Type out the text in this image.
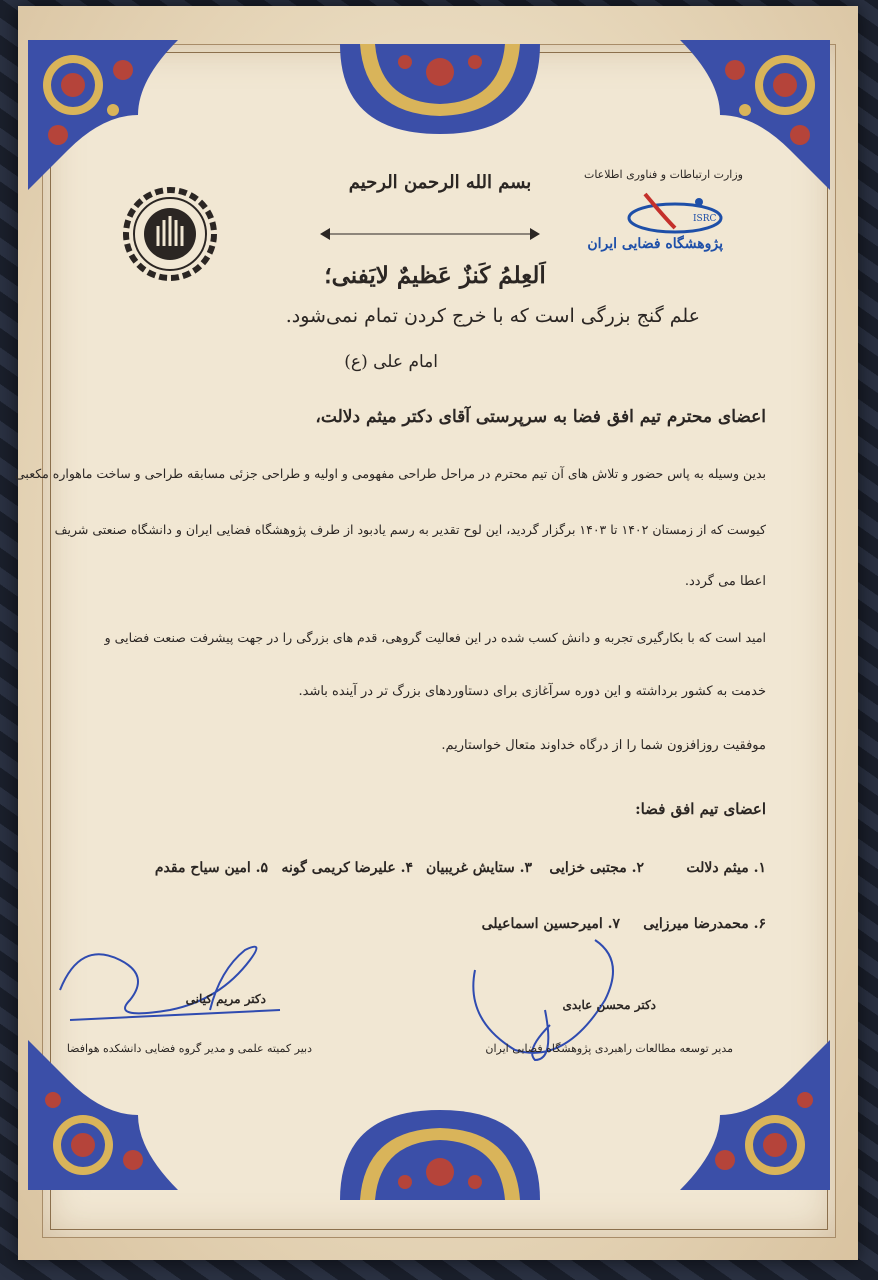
وزارت ارتباطات و فناوری اطلاعات
ISRC
پژوهشگاه فضایی ایران
بسم الله الرحمن الرحیم
اَلعِلمُ كَنزٌ عَظیمٌ لایَفنی؛
علم گنج بزرگی است که با خرج کردن تمام نمی‌شود.
امام علی (ع)
اعضای محترم تیم افق فضا به سرپرستی آقای دکتر میثم دلالت،
بدین وسیله به پاس حضور و تلاش های آن تیم محترم در مراحل طراحی مفهومی و اولیه و طراحی جزئی مسابقه طراحی و ساخت ماهواره مکعبی
کیوست که از زمستان ۱۴۰۲ تا ۱۴۰۳ برگزار گردید، این لوح تقدیر به رسم یادبود از طرف پژوهشگاه فضایی ایران و دانشگاه صنعتی شریف
اعطا می گردد.
امید است که با بکارگیری تجربه و دانش کسب شده در این فعالیت گروهی، قدم های بزرگی را در جهت پیشرفت صنعت فضایی و
خدمت به کشور برداشته و این دوره سرآغازی برای دستاوردهای بزرگ تر در آینده باشد.
موفقیت روزافزون شما را از درگاه خداوند متعال خواستاریم.
اعضای تیم افق فضا:
۱. میثم دلالت
۲. مجتبی خزایی
۳. ستایش غریبیان
۴. علیرضا کریمی گونه
۵. امین سیاح مقدم
۶. محمدرضا میرزایی
۷. امیرحسین اسماعیلی
دکتر مریم کیانی
دبیر کمیته علمی و مدیر گروه فضایی دانشکده هوافضا
دکتر محسن عابدی
مدیر توسعه مطالعات راهبردی پژوهشگاه فضایی ایران
